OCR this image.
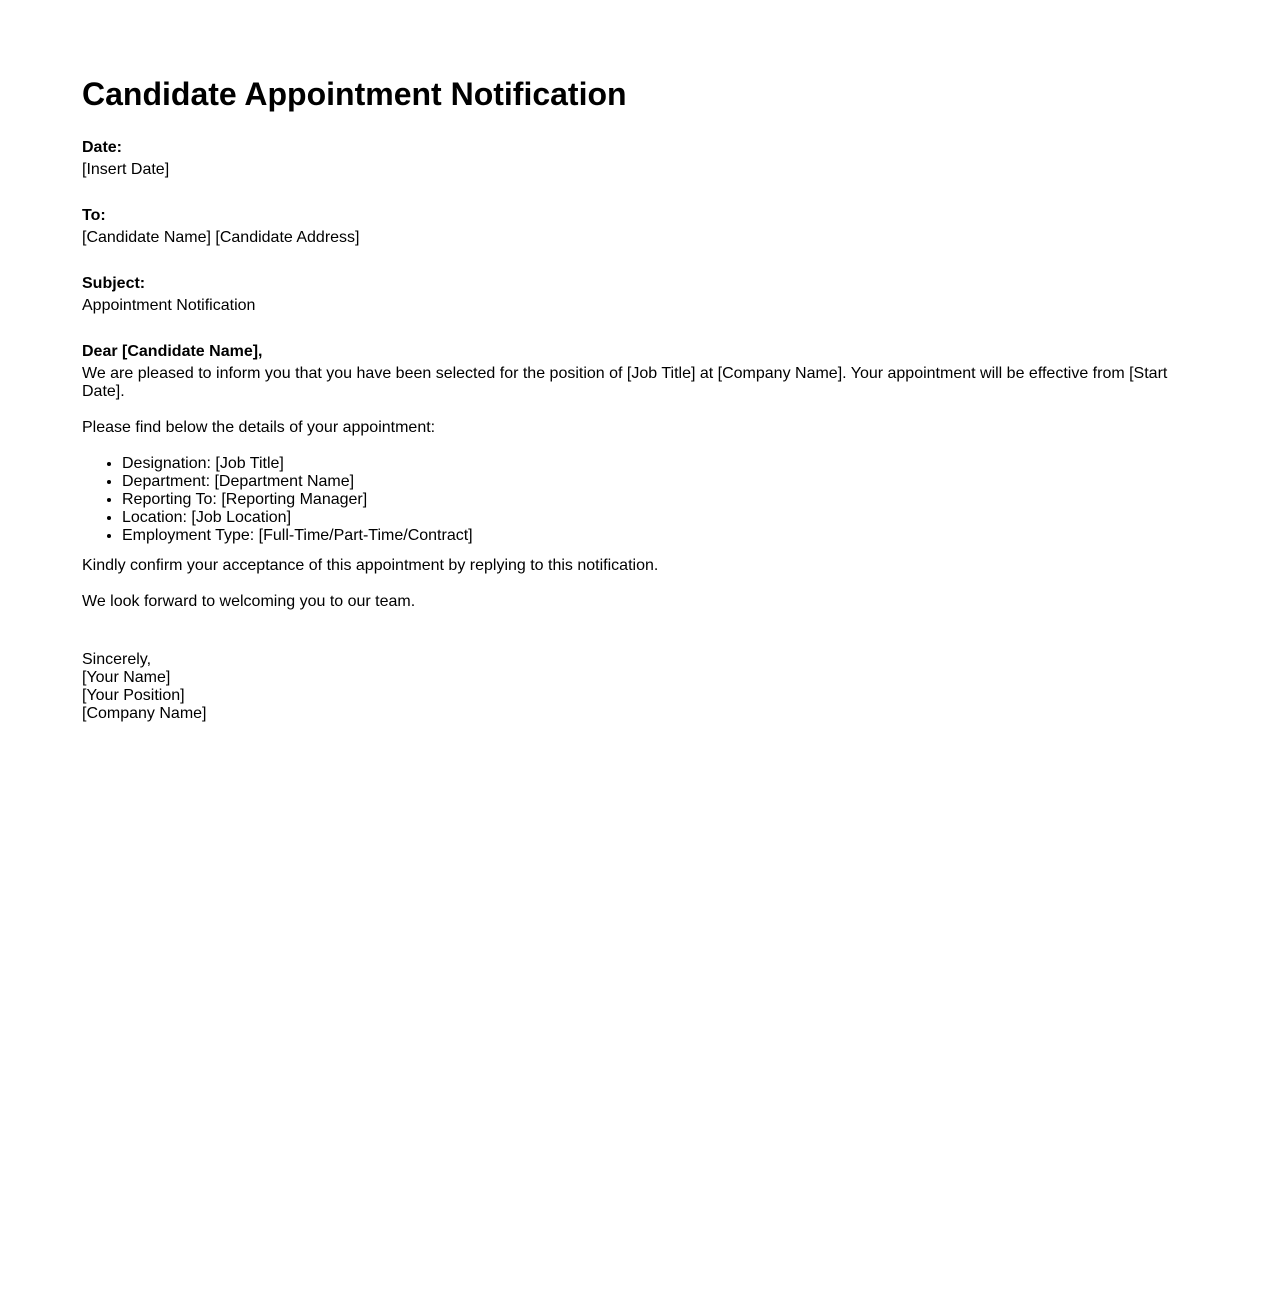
Candidate Appointment Notification
Date:
[Insert Date]
To:
[Candidate Name] [Candidate Address]
Subject:
Appointment Notification
Dear [Candidate Name],

We are pleased to inform you that you have been selected for the position of [Job Title] at [Company Name]. Your appointment will be effective from [Start Date].

Please find below the details of your appointment:

• Designation: [Job Title]
• Department: [Department Name]
• Reporting To: [Reporting Manager]
• Location: [Job Location]
• Employment Type: [Full-Time/Part-Time/Contract]

Kindly confirm your acceptance of this appointment by replying to this notification.

We look forward to welcoming you to our team.

Sincerely,
[Your Name]
[Your Position]
[Company Name]
